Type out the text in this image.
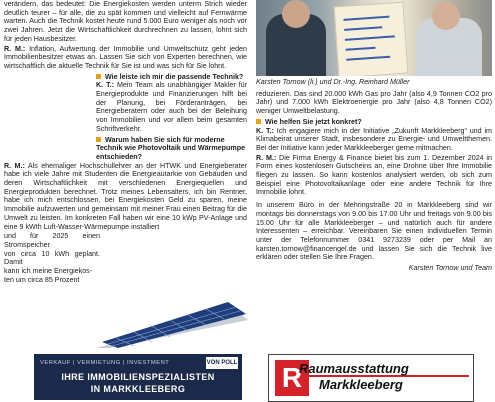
verändern, das bedeutet: Die Energiekosten werden unterm Strich wieder deutlich teurer – für alle, die zu spät kommen und vielleicht auf Fernwärme warten. Auch die Technik kostet heute rund 5.000 Euro weniger als noch vor zwei Jahren. Jetzt die Wirtschaftlichkeit durchrechnen zu lassen, lohnt sich für jeden Hausbesitzer.

R. M.: Inflation, Aufwertung der Immobilie und Umweltschutz geht jeden Immobilienbesitzer etwas an. Lassen Sie sich von Experten berechnen, wie wirtschaftlich die aktuelle Technik für Sie ist und was sich für Sie lohnt.

Wie leiste ich mir die passende Technik?

K. T.: Mein Team als unabhängiger Makler für Energieprodukte und Finanzierungen hilft bei der Planung, bei Förderanträgen, bei Energieberatern oder auch bei der Beleihung von Immobilien und vor allem beim gesamten Schriftverkehr.

Warum haben Sie sich für moderne Technik wie Photovoltaik und Wärmepumpe entschieden?

R. M.: Als ehemaliger Hochschullehrer an der HTWK und Energieberater habe ich viele Jahre mit Studenten die Energieautarkie von Gebäuden und deren Wirtschaftlichkeit mit verschiedenen Energiequellen und Energieprodukten berechnet. Trotz meines Lebensalters, ich bin Rentner, habe ich mich entschlossen, bei Energiekosten Geld zu sparen, meine Immobilie aufzuwerten und gemeinsam mit meiner Frau einen Beitrag für die Umwelt zu leisten. Im konkreten Fall haben wir eine 10 kWp PV-Anlage und eine 9 kWth Luft-Wasser-Wärmepumpe installiert

und für 2025 einen Stromspeicher

von circa 10 kWh geplant. Damit

kann ich meine Energiekos-

ten um circa 85 Prozent

Karsten Tornow (li.) und Dr.-Ing. Reinhard Müller

reduzieren. Das sind 20.000 kWh Gas pro Jahr (also 4,9 Tonnen CO2 pro Jahr) und 7.000 kWh Elektroenergie pro Jahr (also 4,8 Tonnen CO2) weniger Umweltbelastung.

Wie helfen Sie jetzt konkret?

K. T.: Ich engagiere mich in der Initiative „Zukunft Markkleeberg“ und im Klimabeirat unserer Stadt, insbesondere zu Energie- und Umweltthemen. Bei der Initiative kann jeder Markkleeberger gerne mitmachen.

R. M.: Die Firma Energy & Finance bietet bis zum 1. Dezember 2024 in Form eines kostenlosen Gutscheins an, eine Drohne über Ihre Immobilie fliegen zu lassen. So kann kostenlos analysiert werden, ob sich zum Beispiel eine Photovoltaikanlage oder eine andere Technik für Ihre Immobilie lohnt.

In unserem Büro in der Mehringstraße 20 in Markkleeberg sind wir montags bis donnerstags von 9.00 bis 17.00 Uhr und freitags von 9.00 bis 15.00 Uhr für alle Markkleeberger – und natürlich auch für andere Interessenten – erreichbar. Vereinbaren Sie einen individuellen Termin unter der Telefonnummer 0341 9273239 oder per Mail an karsten.tornow@financengel.de und lassen Sie sich die Technik live erklären oder stellen Sie Ihre Fragen.

Karsten Tornow und Team

VERKAUF | VERMIETUNG | INVESTMENT	VON POLL
IHRE IMMOBILIENSPEZIALISTEN
IN MARKKLEEBERG	R
Raumausstattung
Markkleeberg
